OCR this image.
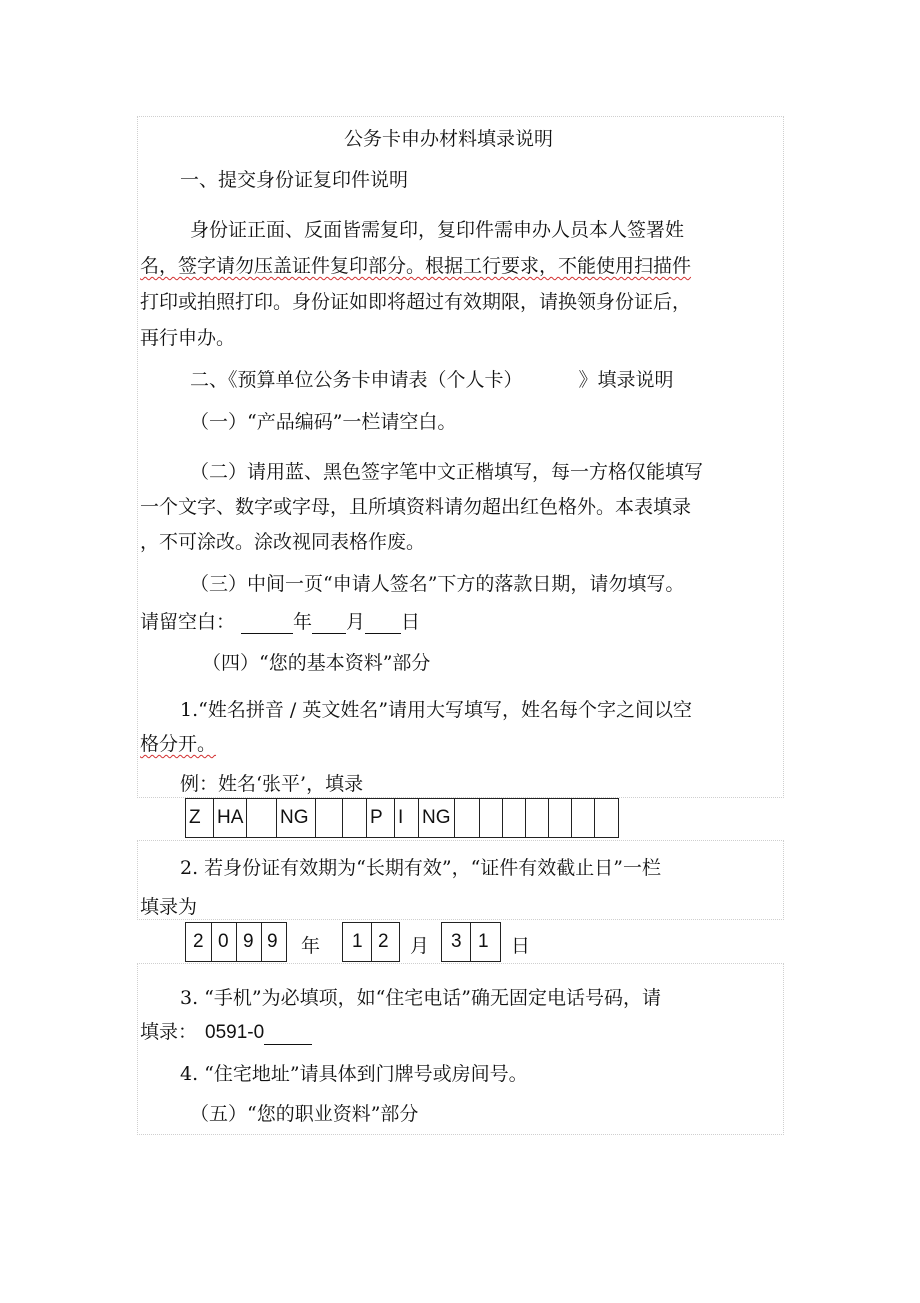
公务卡申办材料填录说明
一、提交身份证复印件说明
身份证正面、反面皆需复印，复印件需申办人员本人签署姓
名，签字请勿压盖证件复印部分。根据工行要求，不能使用扫描件
打印或拍照打印。身份证如即将超过有效期限，请换领身份证后，
再行申办。
二、《预算单位公务卡申请表（个人卡）	》填录说明
（一）“产品编码”一栏请空白。
（二）请用蓝、黑色签字笔中文正楷填写，每一方格仅能填写
一个文字、数字或字母，且所填资料请勿超出红色格外。本表填录
，不可涂改。涂改视同表格作废。
（三）中间一页“申请人签名”下方的落款日期，请勿填写。
请留空白：	年 月 日
（四）“您的基本资料”部分
1.“姓名拼音 / 英文姓名”请用大写填写，姓名每个字之间以空
格分开。
例：姓名‘张平’，填录
Z HA NG	P I NG
2. 若身份证有效期为“长期有效”，“证件有效截止日”一栏
填录为
2 0 9 9	年	1 2	月	3 1	日
3. “手机”为必填项，如“住宅电话”确无固定电话号码，请
填录： 0591-0
4. “住宅地址”请具体到门牌号或房间号。
（五）“您的职业资料”部分
